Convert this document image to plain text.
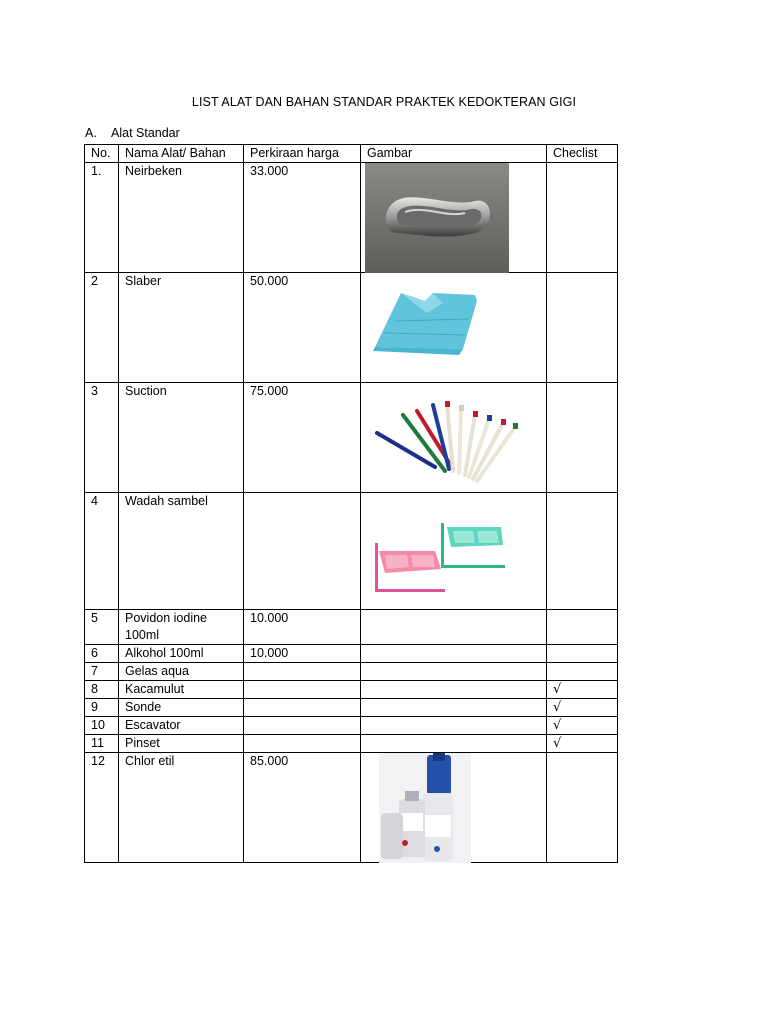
LIST ALAT DAN BAHAN STANDAR PRAKTEK KEDOKTERAN GIGI
A. Alat Standar
No.	Nama Alat/ Bahan	Perkiraan harga	Gambar	Checlist
1.	Neirbeken	33.000	

2	Slaber	50.000	

3	Suction	75.000	

4	Wadah sambel		

5	Povidon iodine 100ml	10.000		
6	Alkohol 100ml	10.000		
7	Gelas aqua			
8	Kacamulut			√
9	Sonde			√
10	Escavator			√
11	Pinset			√
12	Chlor etil	85.000	
